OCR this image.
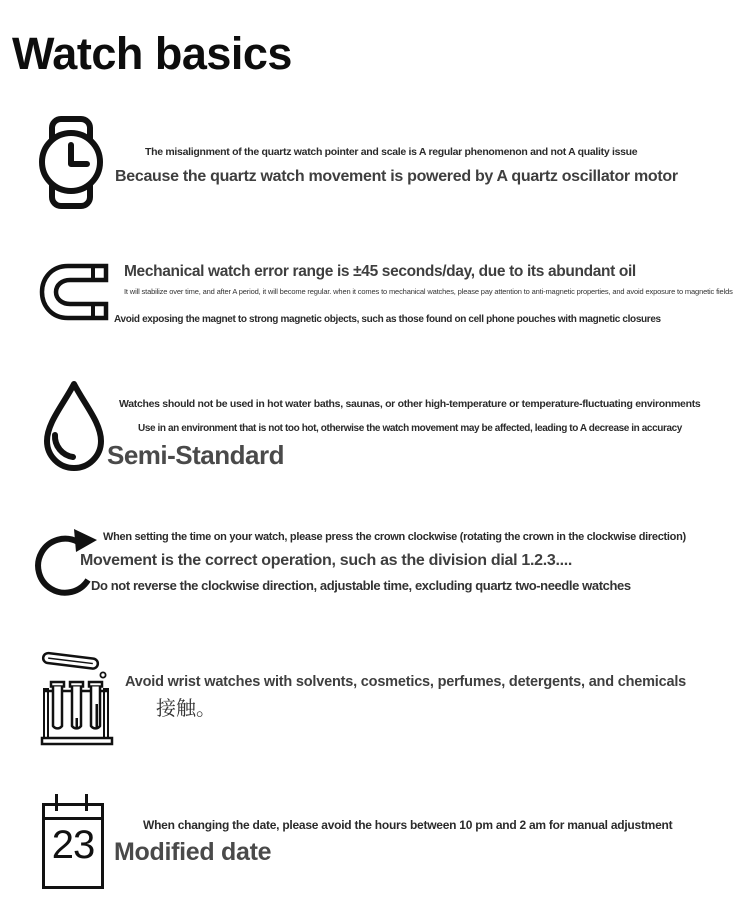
Watch basics
The misalignment of the quartz watch pointer and scale is A regular phenomenon and not A quality issue
Because the quartz watch movement is powered by A quartz oscillator motor
Mechanical watch error range is ±45 seconds/day, due to its abundant oil
It will stabilize over time, and after A period, it will become regular. when it comes to mechanical watches, please pay attention to anti-magnetic properties, and avoid exposure to magnetic fields
Avoid exposing the magnet to strong magnetic objects, such as those found on cell phone pouches with magnetic closures
Watches should not be used in hot water baths, saunas, or other high-temperature or temperature-fluctuating environments
Use in an environment that is not too hot, otherwise the watch movement may be affected, leading to A decrease in accuracy
Semi-Standard
When setting the time on your watch, please press the crown clockwise (rotating the crown in the clockwise direction)
Movement is the correct operation, such as the division dial 1.2.3....
Do not reverse the clockwise direction, adjustable time, excluding quartz two-needle watches
Avoid wrist watches with solvents, cosmetics, perfumes, detergents, and chemicals
接触。
23	When changing the date, please avoid the hours between 10 pm and 2 am for manual adjustment
Modified date
